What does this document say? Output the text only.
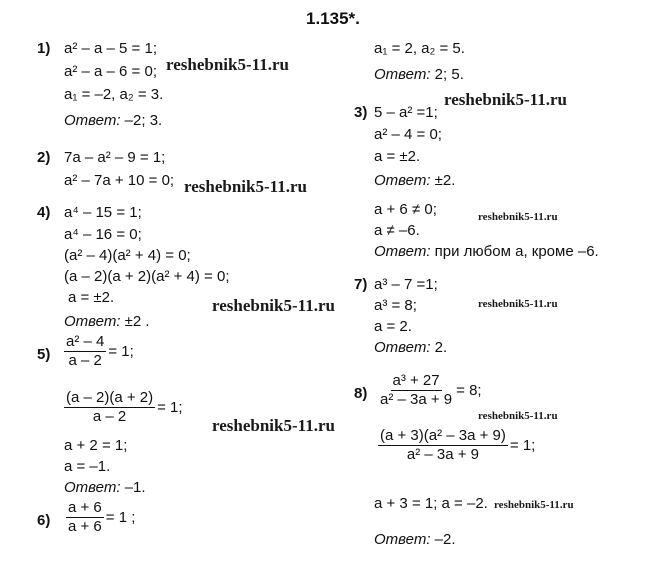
1.135*.
1) a² – a – 5 = 1;
a² – a – 6 = 0;
a₁ = –2, a₂ = 3.
Ответ: –2; 3.
2) 7a – a² – 9 = 1;
a² – 7a + 10 = 0;
a₁ = 2, a₂ = 5.
Ответ: 2; 5.
3) 5 – a² =1;
a² – 4 = 0;
a = ±2.
Ответ: ±2.
4) a⁴ – 15 = 1;
a⁴ – 16 = 0;
(a² – 4)(a² + 4) = 0;
(a – 2)(a + 2)(a² + 4) = 0;
a = ±2.
Ответ: ±2 .
$5) \frac{\text{a² – 4}}{a - 2} = 1$;
$\frac{(a - 2)(a + 2)}{a - 2} = 1$;
a + 2 = 1;
a = –1.
Ответ: –1.
$6) \frac{a + 6}{a + 6} = 1$ ;
a + 6 ≠ 0;
a ≠ –6.
Ответ: при любом a, кроме –6.
7) a³ – 7 =1;
a³ = 8;
a = 2.
Ответ: 2.
$8) \frac{\text{a³ + 27}}{\text{a² – 3a + 9}} = 8$;
$\frac{\text{(a + 3)(a² – 3a + 9)}}{\text{a² – 3a + 9}} = 1$;
a + 3 = 1; a = –2.
Ответ: –2.
reshebnik5-11.ru
reshebnik5-11.ru
reshebnik5-11.ru
reshebnik5-11.ru
reshebnik5-11.ru
reshebnik5-11.ru
reshebnik5-11.ru
reshebnik5-11.ru
reshebnik5-11.ru
